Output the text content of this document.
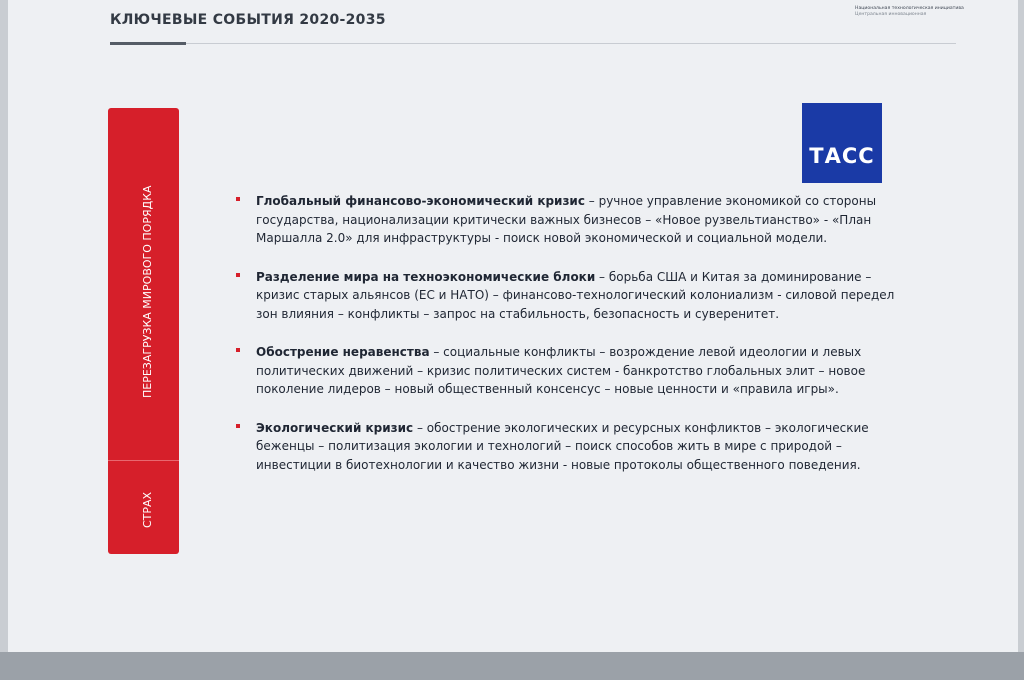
КЛЮЧЕВЫЕ СОБЫТИЯ 2020-2035
Национальная технологическая инициатива
Центральная инновационная
ПЕРЕЗАГРУЗКА МИРОВОГО ПОРЯДКА
СТРАХ
ТАСС
Глобальный финансово-экономический кризис – ручное управление экономикой со стороны государства, национализации критически важных бизнесов – «Новое рузвельтианство» - «План Маршалла 2.0» для инфраструктуры - поиск новой экономической и социальной модели.
Разделение мира на техноэкономические блоки – борьба США и Китая за доминирование – кризис старых альянсов (ЕС и НАТО) – финансово-технологический колониализм - силовой передел зон влияния – конфликты – запрос на стабильность, безопасность и суверенитет.
Обострение неравенства – социальные конфликты – возрождение левой идеологии и левых политических движений – кризис политических систем - банкротство глобальных элит – новое поколение лидеров – новый общественный консенсус – новые ценности и «правила игры».
Экологический кризис – обострение экологических и ресурсных конфликтов – экологические беженцы – политизация экологии и технологий – поиск способов жить в мире с природой – инвестиции в биотехнологии и качество жизни - новые протоколы общественного поведения.
